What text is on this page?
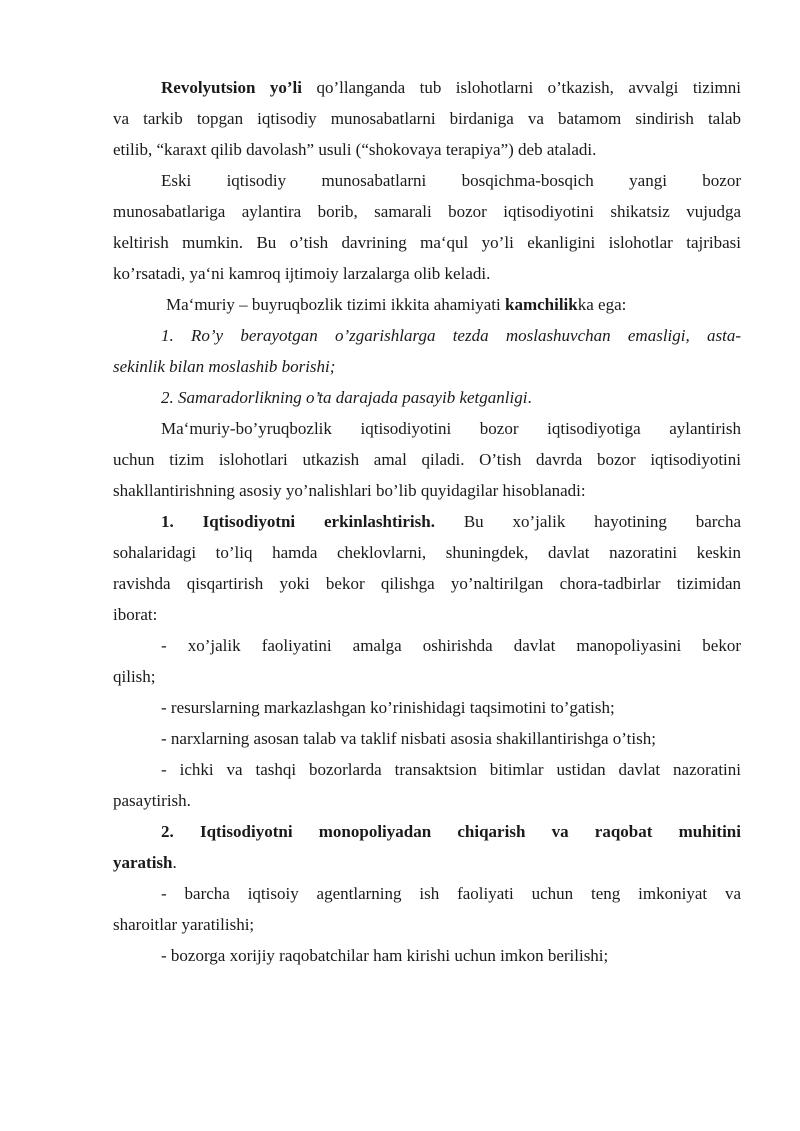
Revolyutsion yo’li qo’llanganda tub islohotlarni o’tkazish, avvalgi tizimni
va tarkib topgan iqtisodiy munosabatlarni birdaniga va batamom sindirish talab
etilib, “karaxt qilib davolash” usuli (“shokovaya terapiya”) deb ataladi.
Eski iqtisodiy munosabatlarni bosqichma-bosqich yangi bozor
munosabatlariga aylantira borib, samarali bozor iqtisodiyotini shikatsiz vujudga
keltirish mumkin. Bu o’tish davrining ma‘qul yo’li ekanligini islohotlar tajribasi
ko’rsatadi, ya‘ni kamroq ijtimoiy larzalarga olib keladi.
Ma‘muriy – buyruqbozlik tizimi ikkita ahamiyati kamchilikka ega:
1. Ro’y berayotgan o’zgarishlarga tezda moslashuvchan emasligi, asta-
sekinlik bilan moslashib borishi;
2. Samaradorlikning o’ta darajada pasayib ketganligi.
Ma‘muriy-bo’yruqbozlik iqtisodiyotini bozor iqtisodiyotiga aylantirish
uchun tizim islohotlari utkazish amal qiladi. O’tish davrda bozor iqtisodiyotini
shakllantirishning asosiy yo’nalishlari bo’lib quyidagilar hisoblanadi:
1. Iqtisodiyotni erkinlashtirish. Bu xo’jalik hayotining barcha
sohalaridagi to’liq hamda cheklovlarni, shuningdek, davlat nazoratini keskin
ravishda qisqartirish yoki bekor qilishga yo’naltirilgan chora-tadbirlar tizimidan
iborat:
- xo’jalik faoliyatini amalga oshirishda davlat manopoliyasini bekor
qilish;
- resurslarning markazlashgan ko’rinishidagi taqsimotini to’gatish;
- narxlarning asosan talab va taklif nisbati asosia shakillantirishga o’tish;
- ichki va tashqi bozorlarda transaktsion bitimlar ustidan davlat nazoratini
pasaytirish.
2. Iqtisodiyotni monopoliyadan chiqarish va raqobat muhitini
yaratish.
- barcha iqtisoiy agentlarning ish faoliyati uchun teng imkoniyat va
sharoitlar yaratilishi;
- bozorga xorijiy raqobatchilar ham kirishi uchun imkon berilishi;
